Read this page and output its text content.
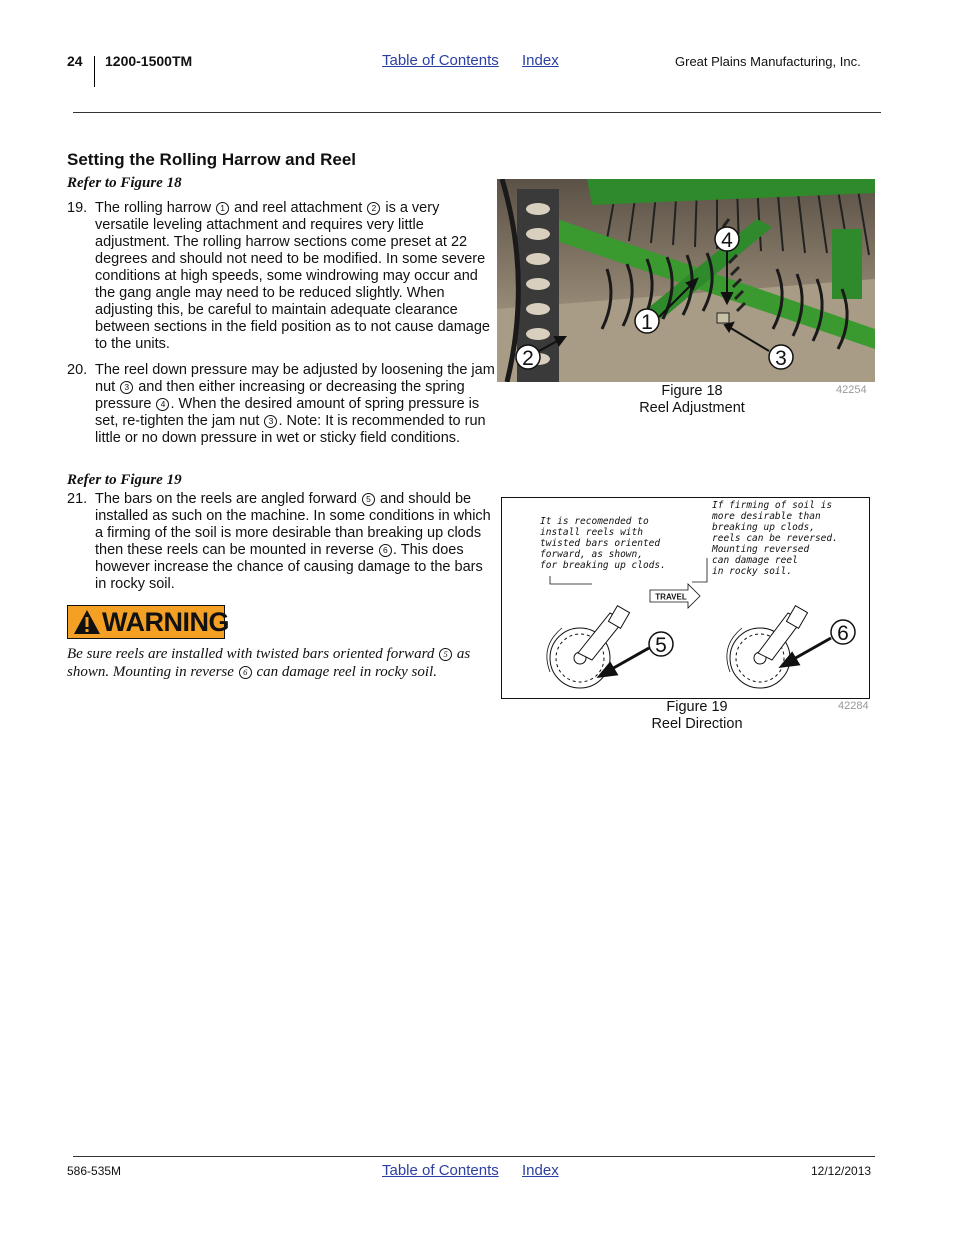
24 1200-1500TM	Table of Contents Index	Great Plains Manufacturing, Inc.
Setting the Rolling Harrow and Reel
Refer to Figure 18
19. The rolling harrow 1 and reel attachment 2 is a very versatile leveling attachment and requires very little adjustment. The rolling harrow sections come preset at 22 degrees and should not need to be modified. In some severe conditions at high speeds, some windrowing may occur and the gang angle may need to be reduced slightly. When adjusting this, be careful to maintain adequate clearance between sections in the field position as to not cause damage to the units.
20. The reel down pressure may be adjusted by loosening the jam nut 3 and then either increasing or decreasing the spring pressure 4 . When the desired amount of spring pressure is set, re-tighten the jam nut 3 . Note: It is recommended to run little or no down pressure in wet or sticky field conditions.
Refer to Figure 19
21. The bars on the reels are angled forward 5 and should be installed as such on the machine. In some conditions in which a firming of the soil is more desirable than breaking up clods then these reels can be mounted in reverse 6 . This does however increase the chance of causing damage to the bars in rocky soil.
WARNING
Be sure reels are installed with twisted bars oriented forward 5 as shown. Mounting in reverse 6 can damage reel in rocky soil.
1
2	3
4
Figure 18
Reel Adjustment
42254
It is recomended to
install reels with
twisted bars oriented
forward, as shown,
for breaking up clods.
If firming of soil is
more desirable than
breaking up clods,
reels can be reversed.
Mounting reversed
can damage reel
in rocky soil.
TRAVEL
5
6
Figure 19
Reel Direction
42284
586-535M	Table of Contents Index	12/12/2013
